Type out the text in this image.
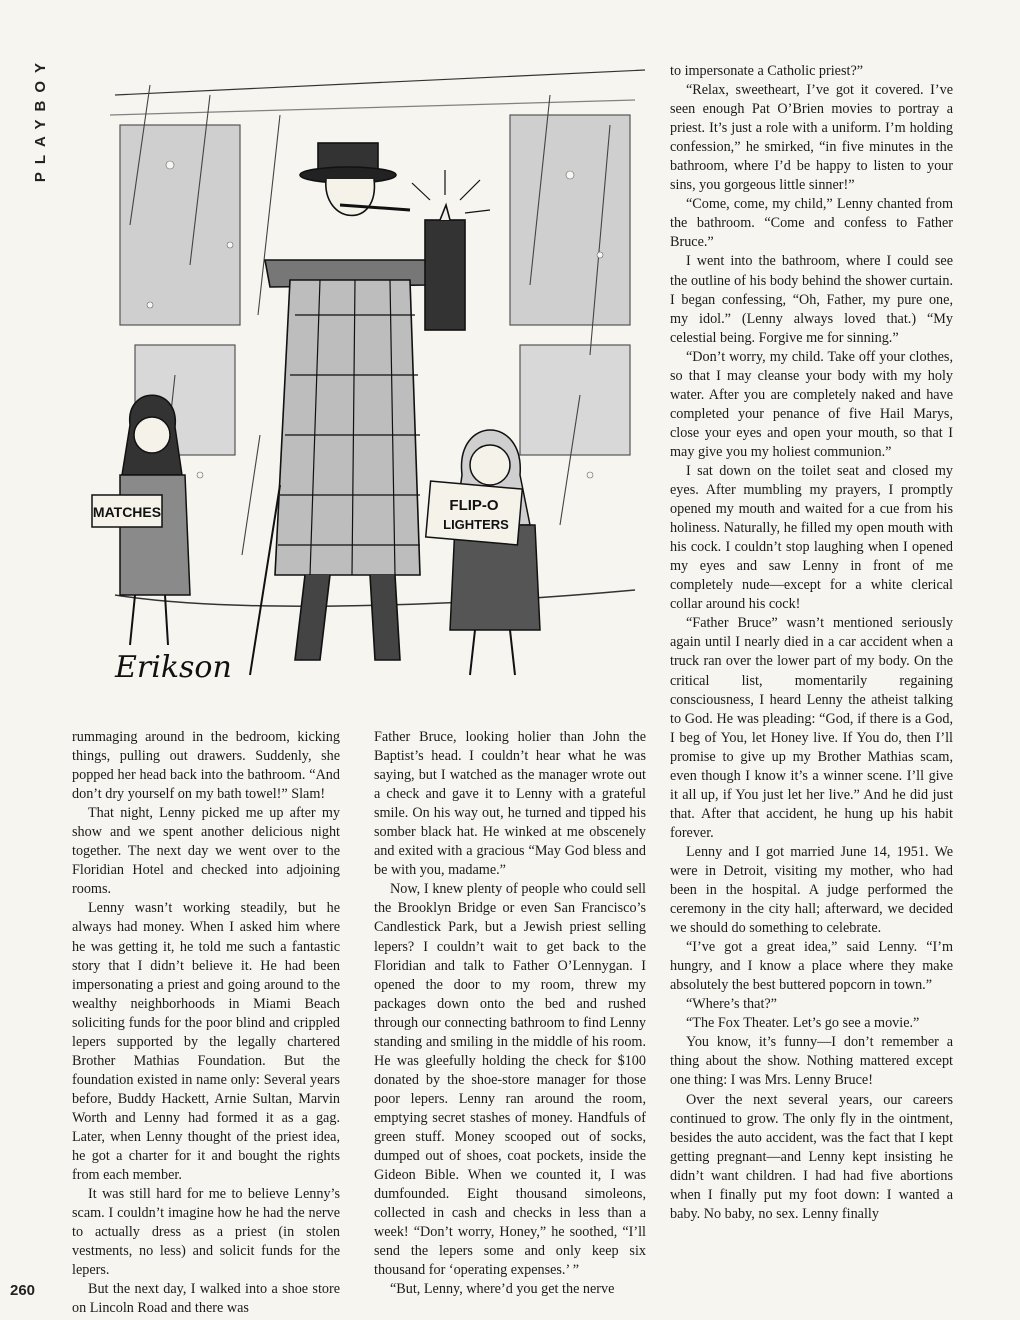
PLAYBOY
MATCHES	FLIP-O
LIGHTERS
Erikson

rummaging around in the bedroom, kicking things, pulling out drawers. Suddenly, she popped her head back into the bathroom. “And don’t dry yourself on my bath towel!” Slam!

That night, Lenny picked me up after my show and we spent another delicious night together. The next day we went over to the Floridian Hotel and checked into adjoining rooms.

Lenny wasn’t working steadily, but he always had money. When I asked him where he was getting it, he told me such a fantastic story that I didn’t believe it. He had been impersonating a priest and going around to the wealthy neighborhoods in Miami Beach soliciting funds for the poor blind and crippled lepers supported by the legally chartered Brother Mathias Foundation. But the foundation existed in name only: Several years before, Buddy Hackett, Arnie Sultan, Marvin Worth and Lenny had formed it as a gag. Later, when Lenny thought of the priest idea, he got a charter for it and bought the rights from each member.

It was still hard for me to believe Lenny’s scam. I couldn’t imagine how he had the nerve to actually dress as a priest (in stolen vestments, no less) and solicit funds for the lepers.

But the next day, I walked into a shoe store on Lincoln Road and there was

Father Bruce, looking holier than John the Baptist’s head. I couldn’t hear what he was saying, but I watched as the manager wrote out a check and gave it to Lenny with a grateful smile. On his way out, he turned and tipped his somber black hat. He winked at me obscenely and exited with a gracious “May God bless and be with you, madame.”

Now, I knew plenty of people who could sell the Brooklyn Bridge or even San Francisco’s Candlestick Park, but a Jewish priest selling lepers? I couldn’t wait to get back to the Floridian and talk to Father O’Lennygan. I opened the door to my room, threw my packages down onto the bed and rushed through our connecting bathroom to find Lenny standing and smiling in the middle of his room. He was gleefully holding the check for $100 donated by the shoe-store manager for those poor lepers. Lenny ran around the room, emptying secret stashes of money. Handfuls of green stuff. Money scooped out of socks, dumped out of shoes, coat pockets, inside the Gideon Bible. When we counted it, I was dumfounded. Eight thousand simoleons, collected in cash and checks in less than a week! “Don’t worry, Honey,” he soothed, “I’ll send the lepers some and only keep six thousand for ‘operating expenses.’ ”

“But, Lenny, where’d you get the nerve

to impersonate a Catholic priest?”

“Relax, sweetheart, I’ve got it covered. I’ve seen enough Pat O’Brien movies to portray a priest. It’s just a role with a uniform. I’m holding confession,” he smirked, “in five minutes in the bathroom, where I’d be happy to listen to your sins, you gorgeous little sinner!”

“Come, come, my child,” Lenny chanted from the bathroom. “Come and confess to Father Bruce.”

I went into the bathroom, where I could see the outline of his body behind the shower curtain. I began confessing, “Oh, Father, my pure one, my idol.” (Lenny always loved that.) “My celestial being. Forgive me for sinning.”

“Don’t worry, my child. Take off your clothes, so that I may cleanse your body with my holy water. After you are completely naked and have completed your penance of five Hail Marys, close your eyes and open your mouth, so that I may give you my holiest communion.”

I sat down on the toilet seat and closed my eyes. After mumbling my prayers, I promptly opened my mouth and waited for a cue from his holiness. Naturally, he filled my open mouth with his cock. I couldn’t stop laughing when I opened my eyes and saw Lenny in front of me completely nude—except for a white clerical collar around his cock!

“Father Bruce” wasn’t mentioned seriously again until I nearly died in a car accident when a truck ran over the lower part of my body. On the critical list, momentarily regaining consciousness, I heard Lenny the atheist talking to God. He was pleading: “God, if there is a God, I beg of You, let Honey live. If You do, then I’ll promise to give up my Brother Mathias scam, even though I know it’s a winner scene. I’ll give it all up, if You just let her live.” And he did just that. After that accident, he hung up his habit forever.

Lenny and I got married June 14, 1951. We were in Detroit, visiting my mother, who had been in the hospital. A judge performed the ceremony in the city hall; afterward, we decided we should do something to celebrate.

“I’ve got a great idea,” said Lenny. “I’m hungry, and I know a place where they make absolutely the best buttered popcorn in town.”

“Where’s that?”

“The Fox Theater. Let’s go see a movie.”

You know, it’s funny—I don’t remember a thing about the show. Nothing mattered except one thing: I was Mrs. Lenny Bruce!

Over the next several years, our careers continued to grow. The only fly in the ointment, besides the auto accident, was the fact that I kept getting pregnant—and Lenny kept insisting he didn’t want children. I had had five abortions when I finally put my foot down: I wanted a baby. No baby, no sex. Lenny finally

260
